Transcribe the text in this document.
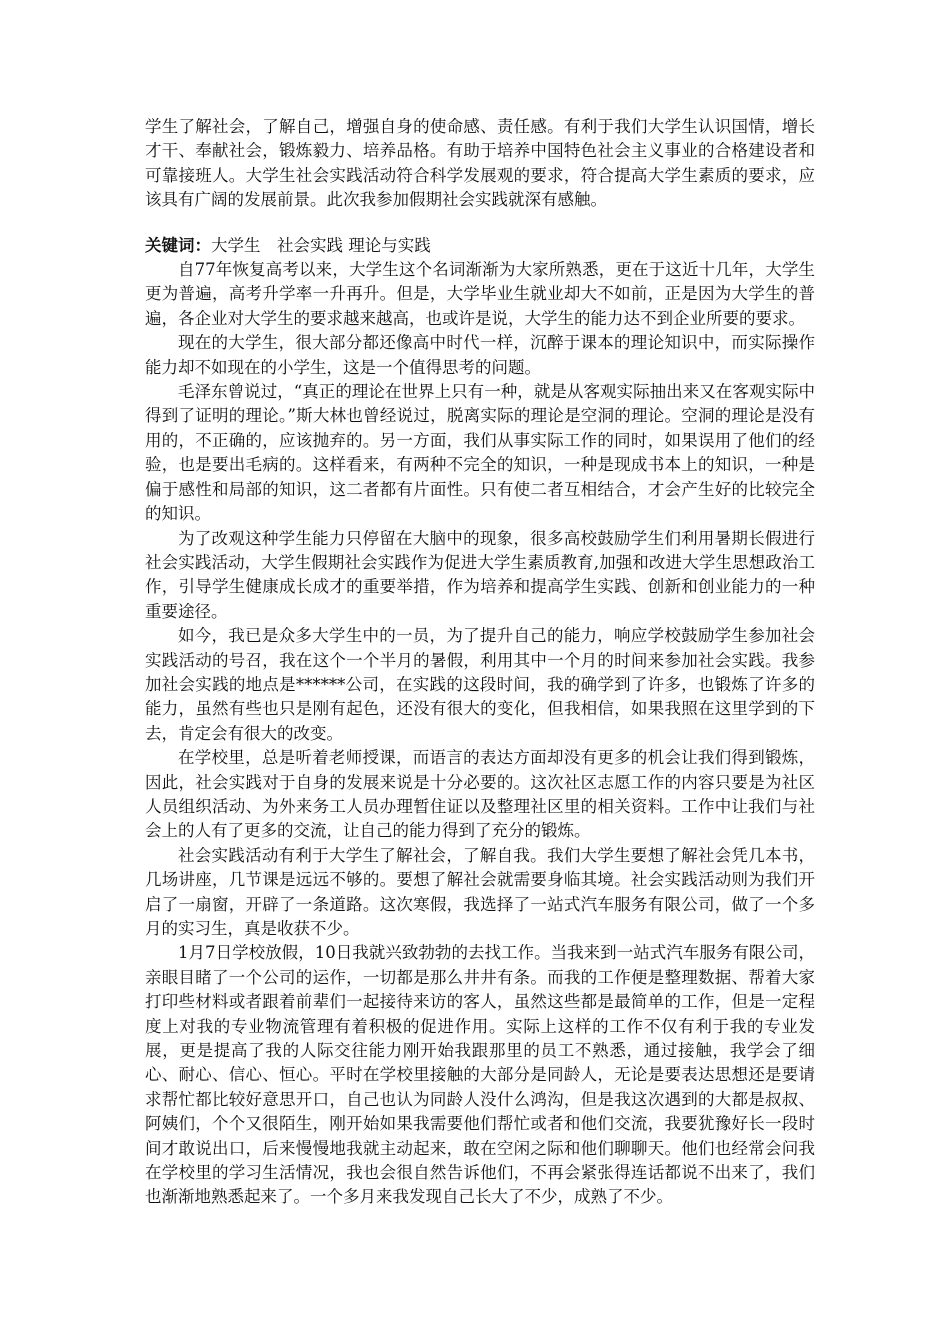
学生了解社会，了解自己，增强自身的使命感、责任感。有利于我们大学生认识国情，增长才干、奉献社会，锻炼毅力、培养品格。有助于培养中国特色社会主义事业的合格建设者和可靠接班人。大学生社会实践活动符合科学发展观的要求，符合提高大学生素质的要求，应该具有广阔的发展前景。此次我参加假期社会实践就深有感触。

关键词：大学生　社会实践 理论与实践

自77年恢复高考以来，大学生这个名词渐渐为大家所熟悉，更在于这近十几年，大学生更为普遍，高考升学率一升再升。但是，大学毕业生就业却大不如前，正是因为大学生的普遍，各企业对大学生的要求越来越高，也或许是说，大学生的能力达不到企业所要的要求。

现在的大学生，很大部分都还像高中时代一样，沉醉于课本的理论知识中，而实际操作能力却不如现在的小学生，这是一个值得思考的问题。

毛泽东曾说过，“真正的理论在世界上只有一种，就是从客观实际抽出来又在客观实际中得到了证明的理论。”斯大林也曾经说过，脱离实际的理论是空洞的理论。空洞的理论是没有用的，不正确的，应该抛弃的。另一方面，我们从事实际工作的同时，如果误用了他们的经验，也是要出毛病的。这样看来，有两种不完全的知识，一种是现成书本上的知识，一种是偏于感性和局部的知识，这二者都有片面性。只有使二者互相结合，才会产生好的比较完全的知识。

为了改观这种学生能力只停留在大脑中的现象，很多高校鼓励学生们利用暑期长假进行社会实践活动，大学生假期社会实践作为促进大学生素质教育,加强和改进大学生思想政治工作，引导学生健康成长成才的重要举措，作为培养和提高学生实践、创新和创业能力的一种重要途径。

如今，我已是众多大学生中的一员，为了提升自己的能力，响应学校鼓励学生参加社会实践活动的号召，我在这个一个半月的暑假，利用其中一个月的时间来参加社会实践。我参加社会实践的地点是******公司，在实践的这段时间，我的确学到了许多，也锻炼了许多的能力，虽然有些也只是刚有起色，还没有很大的变化，但我相信，如果我照在这里学到的下去，肯定会有很大的改变。

在学校里，总是听着老师授课，而语言的表达方面却没有更多的机会让我们得到锻炼，因此，社会实践对于自身的发展来说是十分必要的。这次社区志愿工作的内容只要是为社区人员组织活动、为外来务工人员办理暂住证以及整理社区里的相关资料。工作中让我们与社会上的人有了更多的交流，让自己的能力得到了充分的锻炼。

社会实践活动有利于大学生了解社会，了解自我。我们大学生要想了解社会凭几本书，几场讲座，几节课是远远不够的。要想了解社会就需要身临其境。社会实践活动则为我们开启了一扇窗，开辟了一条道路。这次寒假，我选择了一站式汽车服务有限公司，做了一个多月的实习生，真是收获不少。

1月7日学校放假，10日我就兴致勃勃的去找工作。当我来到一站式汽车服务有限公司，亲眼目睹了一个公司的运作，一切都是那么井井有条。而我的工作便是整理数据、帮着大家打印些材料或者跟着前辈们一起接待来访的客人，虽然这些都是最简单的工作，但是一定程度上对我的专业物流管理有着积极的促进作用。实际上这样的工作不仅有利于我的专业发展，更是提高了我的人际交往能力刚开始我跟那里的员工不熟悉，通过接触，我学会了细心、耐心、信心、恒心。平时在学校里接触的大部分是同龄人，无论是要表达思想还是要请求帮忙都比较好意思开口，自己也认为同龄人没什么鸿沟，但是我这次遇到的大都是叔叔、阿姨们，个个又很陌生，刚开始如果我需要他们帮忙或者和他们交流，我要犹豫好长一段时间才敢说出口，后来慢慢地我就主动起来，敢在空闲之际和他们聊聊天。他们也经常会问我在学校里的学习生活情况，我也会很自然告诉他们，不再会紧张得连话都说不出来了，我们也渐渐地熟悉起来了。一个多月来我发现自己长大了不少，成熟了不少。
